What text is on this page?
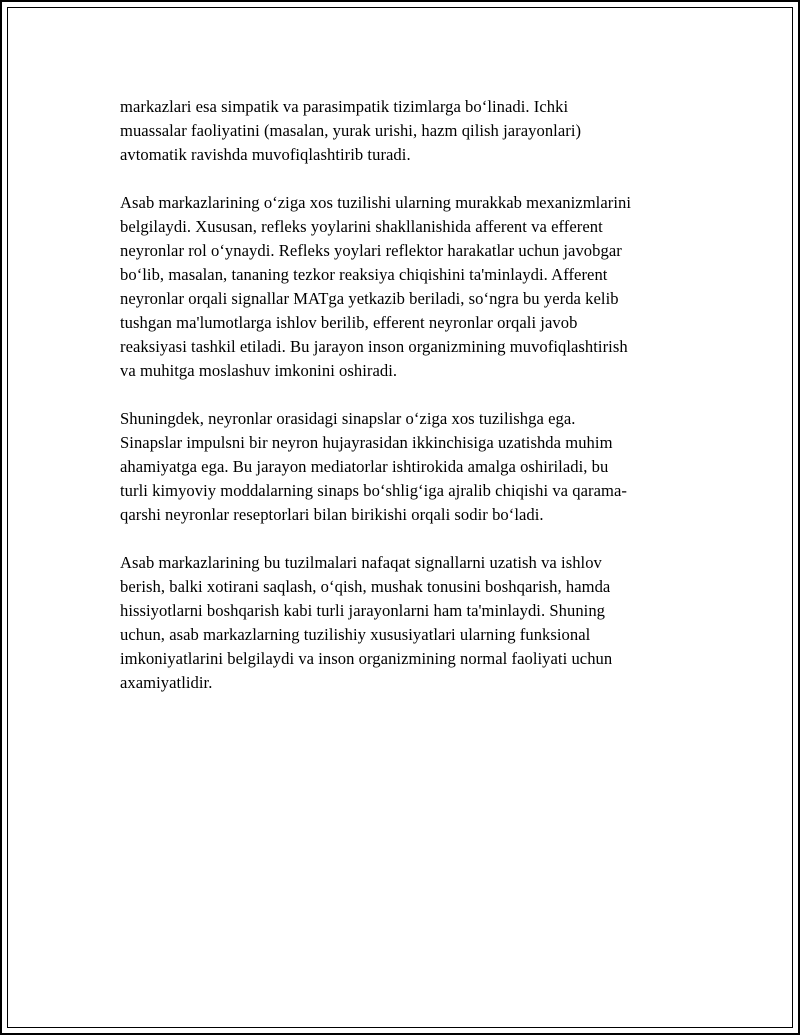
markazlari esa simpatik va parasimpatik tizimlarga bo‘linadi. Ichki
muassalar faoliyatini (masalan, yurak urishi, hazm qilish jarayonlari)
avtomatik ravishda muvofiqlashtirib turadi.

Asab markazlarining o‘ziga xos tuzilishi ularning murakkab mexanizmlarini
belgilaydi. Xususan, refleks yoylarini shakllanishida afferent va efferent
neyronlar rol o‘ynaydi. Refleks yoylari reflektor harakatlar uchun javobgar
bo‘lib, masalan, tananing tezkor reaksiya chiqishini ta'minlaydi. Afferent
neyronlar orqali signallar MATga yetkazib beriladi, so‘ngra bu yerda kelib
tushgan ma'lumotlarga ishlov berilib, efferent neyronlar orqali javob
reaksiyasi tashkil etiladi. Bu jarayon inson organizmining muvofiqlashtirish
va muhitga moslashuv imkonini oshiradi.

Shuningdek, neyronlar orasidagi sinapslar o‘ziga xos tuzilishga ega.
Sinapslar impulsni bir neyron hujayrasidan ikkinchisiga uzatishda muhim
ahamiyatga ega. Bu jarayon mediatorlar ishtirokida amalga oshiriladi, bu
turli kimyoviy moddalarning sinaps bo‘shlig‘iga ajralib chiqishi va qarama-
qarshi neyronlar reseptorlari bilan birikishi orqali sodir bo‘ladi.

Asab markazlarining bu tuzilmalari nafaqat signallarni uzatish va ishlov
berish, balki xotirani saqlash, o‘qish, mushak tonusini boshqarish, hamda
hissiyotlarni boshqarish kabi turli jarayonlarni ham ta'minlaydi. Shuning
uchun, asab markazlarning tuzilishiy xususiyatlari ularning funksional
imkoniyatlarini belgilaydi va inson organizmining normal faoliyati uchun
axamiyatlidir.
